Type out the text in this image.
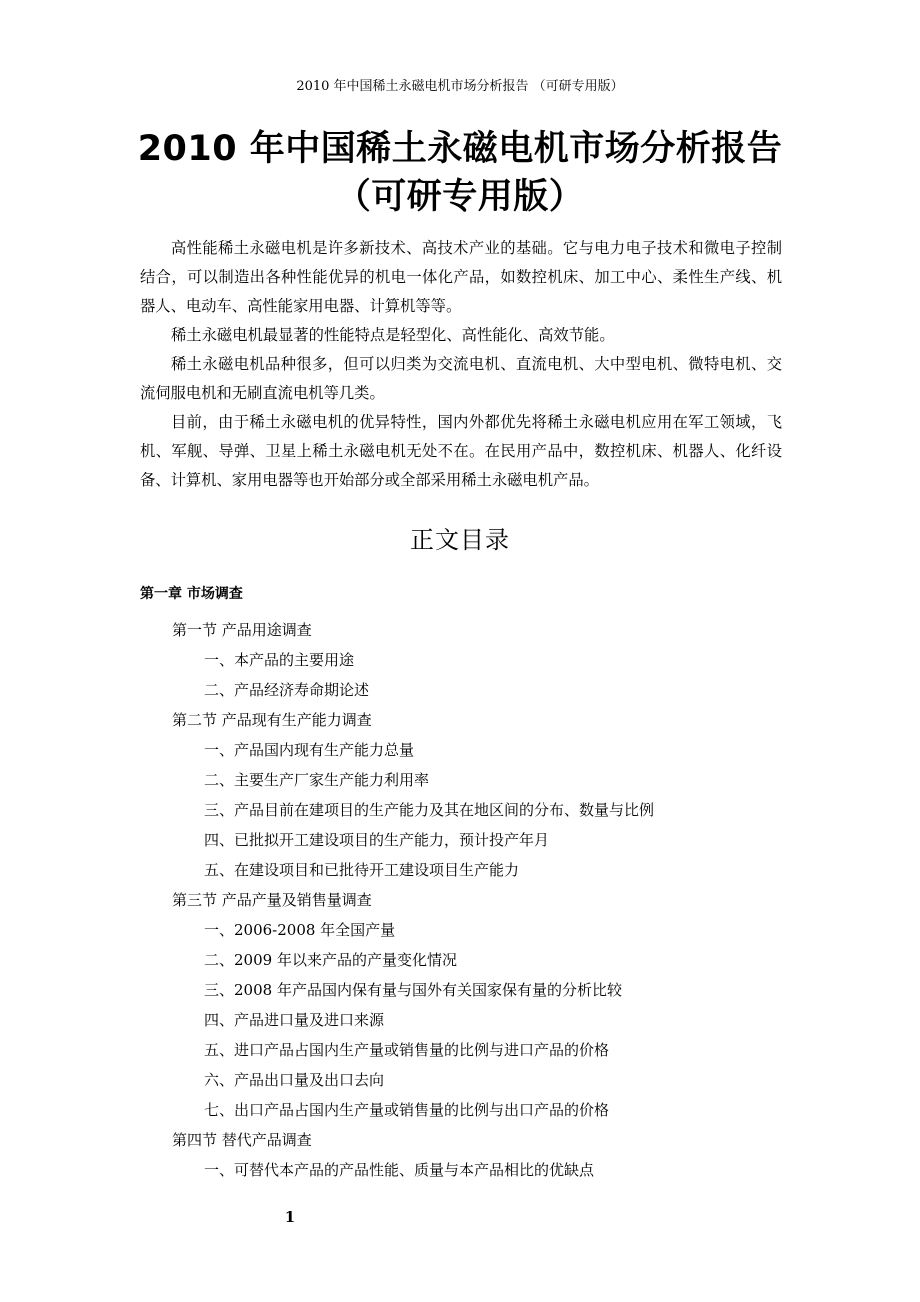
2010 年中国稀土永磁电机市场分析报告 （可研专用版）
2010 年中国稀土永磁电机市场分析报告
（可研专用版）

高性能稀土永磁电机是许多新技术、高技术产业的基础。它与电力电子技术和微电子控制结合，可以制造出各种性能优异的机电一体化产品，如数控机床、加工中心、柔性生产线、机器人、电动车、高性能家用电器、计算机等等。

稀土永磁电机最显著的性能特点是轻型化、高性能化、高效节能。

稀土永磁电机品种很多，但可以归类为交流电机、直流电机、大中型电机、微特电机、交流伺服电机和无刷直流电机等几类。

目前，由于稀土永磁电机的优异特性，国内外都优先将稀土永磁电机应用在军工领域，飞机、军舰、导弹、卫星上稀土永磁电机无处不在。在民用产品中，数控机床、机器人、化纤设备、计算机、家用电器等也开始部分或全部采用稀土永磁电机产品。

正文目录
第一章 市场调查
第一节 产品用途调查
一、本产品的主要用途
二、产品经济寿命期论述
第二节 产品现有生产能力调查
一、产品国内现有生产能力总量
二、主要生产厂家生产能力利用率
三、产品目前在建项目的生产能力及其在地区间的分布、数量与比例
四、已批拟开工建设项目的生产能力，预计投产年月
五、在建设项目和已批待开工建设项目生产能力
第三节 产品产量及销售量调查
一、2006-2008 年全国产量
二、2009 年以来产品的产量变化情况
三、2008 年产品国内保有量与国外有关国家保有量的分析比较
四、产品进口量及进口来源
五、进口产品占国内生产量或销售量的比例与进口产品的价格
六、产品出口量及出口去向
七、出口产品占国内生产量或销售量的比例与出口产品的价格
第四节 替代产品调查
一、可替代本产品的产品性能、质量与本产品相比的优缺点
1
